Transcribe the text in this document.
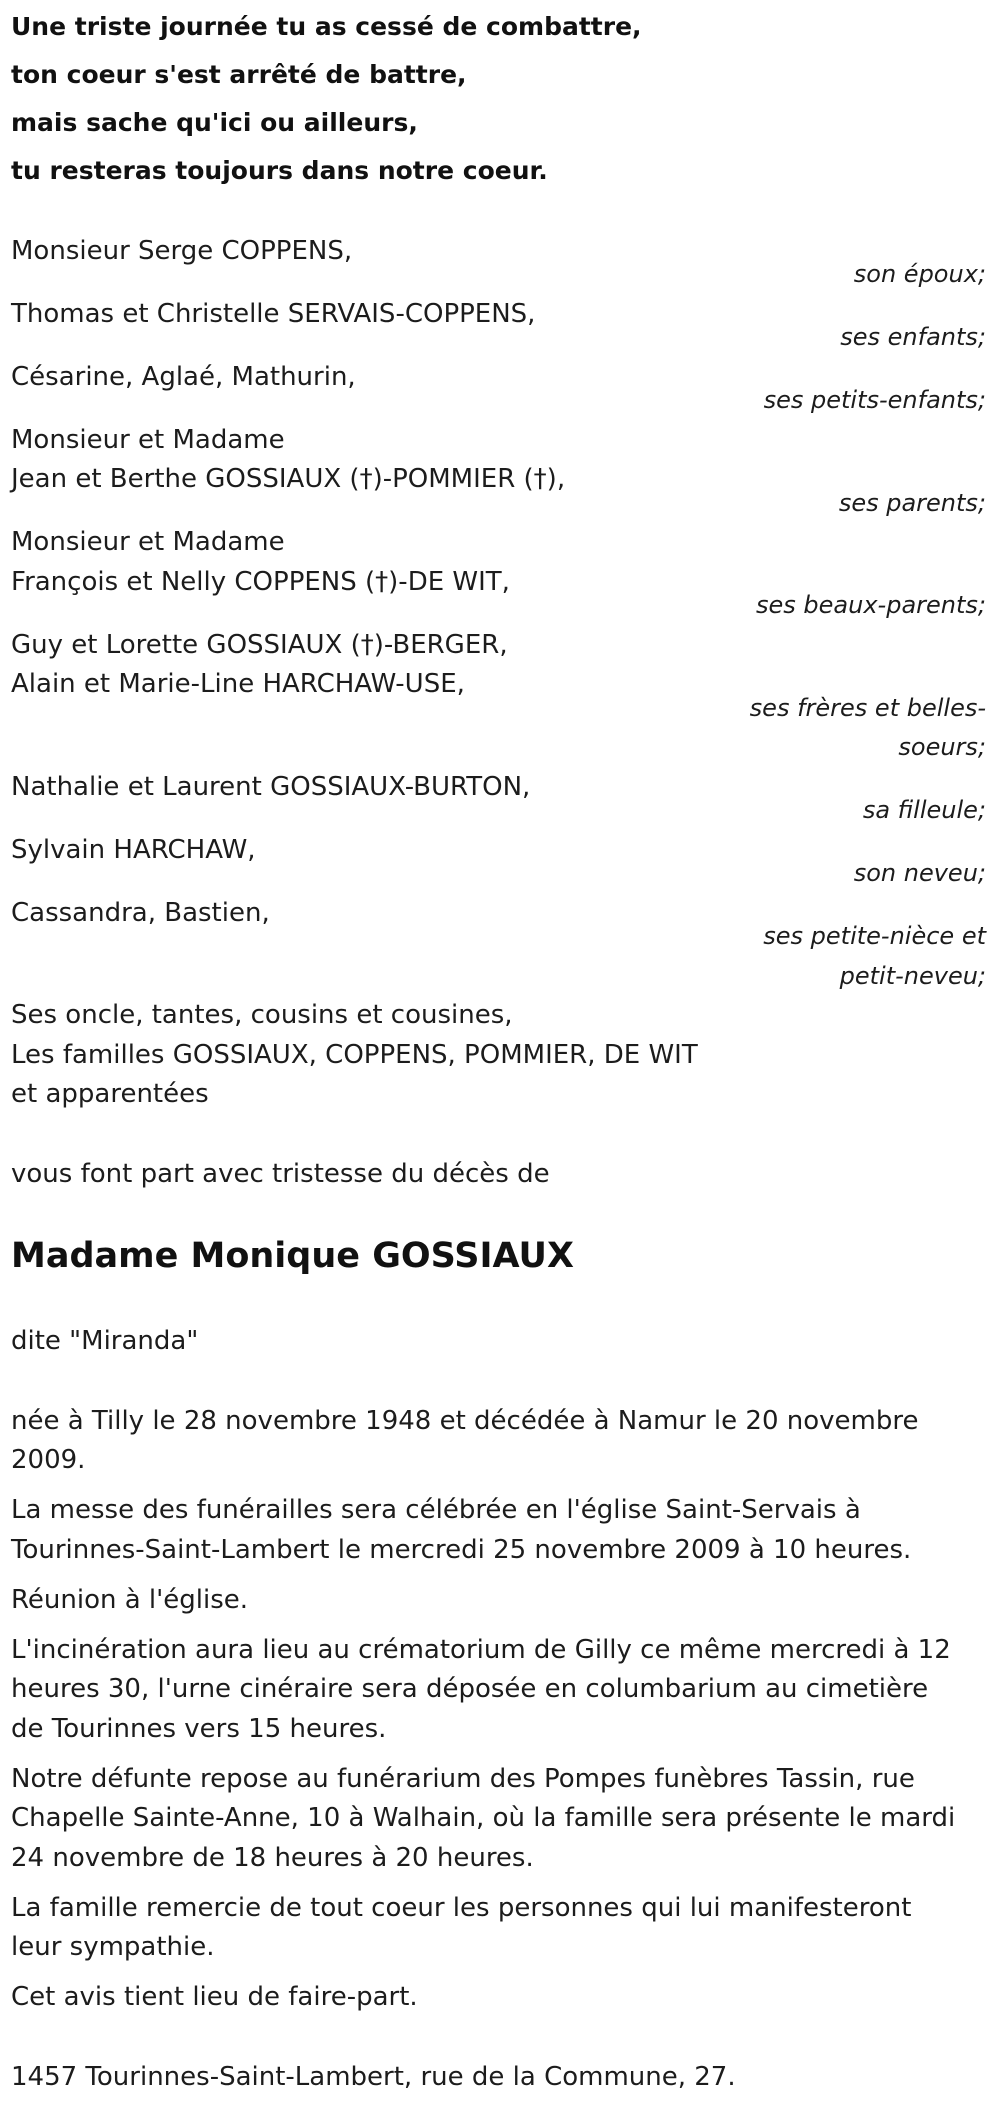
Une triste journée tu as cessé de combattre,
ton coeur s'est arrêté de battre,
mais sache qu'ici ou ailleurs,
tu resteras toujours dans notre coeur.
Monsieur Serge COPPENS,
son époux;
Thomas et Christelle SERVAIS-COPPENS,
ses enfants;
Césarine, Aglaé, Mathurin,
ses petits-enfants;
Monsieur et Madame
Jean et Berthe GOSSIAUX (†)-POMMIER (†),
ses parents;
Monsieur et Madame
François et Nelly COPPENS (†)-DE WIT,
ses beaux-parents;
Guy et Lorette GOSSIAUX (†)-BERGER,
Alain et Marie-Line HARCHAW-USE,
ses frères et belles-
soeurs;
Nathalie et Laurent GOSSIAUX-BURTON,
sa filleule;
Sylvain HARCHAW,
son neveu;
Cassandra, Bastien,
ses petite-nièce et
petit-neveu;
Ses oncle, tantes, cousins et cousines,
Les familles GOSSIAUX, COPPENS, POMMIER, DE WIT
et apparentées
vous font part avec tristesse du décès de
Madame Monique GOSSIAUX
dite "Miranda"
née à Tilly le 28 novembre 1948 et décédée à Namur le 20 novembre
2009.
La messe des funérailles sera célébrée en l'église Saint-Servais à
Tourinnes-Saint-Lambert le mercredi 25 novembre 2009 à 10 heures.
Réunion à l'église.
L'incinération aura lieu au crématorium de Gilly ce même mercredi à 12
heures 30, l'urne cinéraire sera déposée en columbarium au cimetière
de Tourinnes vers 15 heures.
Notre défunte repose au funérarium des Pompes funèbres Tassin, rue
Chapelle Sainte-Anne, 10 à Walhain, où la famille sera présente le mardi
24 novembre de 18 heures à 20 heures.
La famille remercie de tout coeur les personnes qui lui manifesteront
leur sympathie.
Cet avis tient lieu de faire-part.
1457 Tourinnes-Saint-Lambert, rue de la Commune, 27.
